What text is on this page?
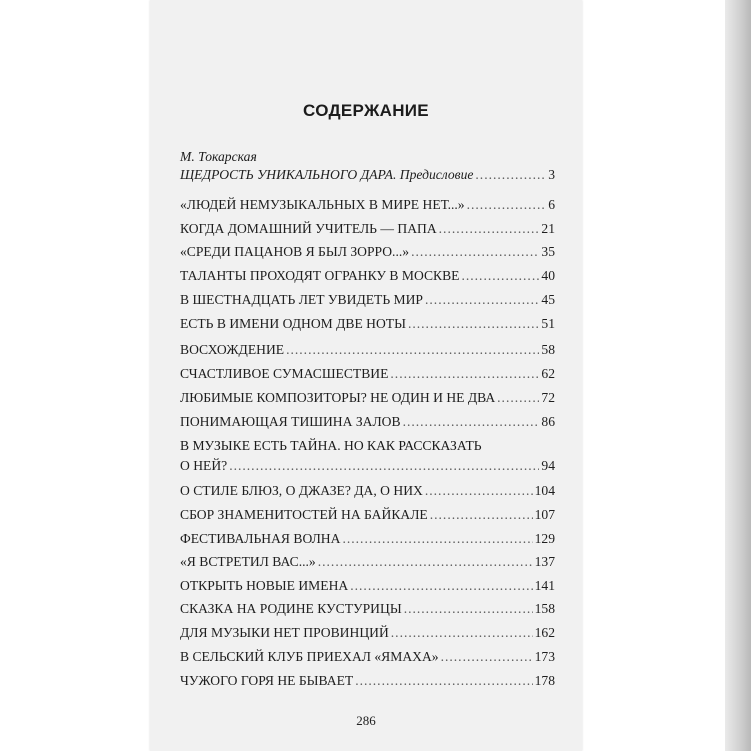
СОДЕРЖАНИЕ
М. Токарская
ЩЕДРОСТЬ УНИКАЛЬНОГО ДАРА. Предисловие .....	3
«ЛЮДЕЙ НЕМУЗЫКАЛЬНЫХ В МИРЕ НЕТ...» .....	6
КОГДА ДОМАШНИЙ УЧИТЕЛЬ — ПАПА .....	21
«СРЕДИ ПАЦАНОВ Я БЫЛ ЗОРРО...» .....	35
ТАЛАНТЫ ПРОХОДЯТ ОГРАНКУ В МОСКВЕ .....	40
В ШЕСТНАДЦАТЬ ЛЕТ УВИДЕТЬ МИР .....	45
ЕСТЬ В ИМЕНИ ОДНОМ ДВЕ НОТЫ .....	51
ВОСХОЖДЕНИЕ .....	58
СЧАСТЛИВОЕ СУМАСШЕСТВИЕ .....	62
ЛЮБИМЫЕ КОМПОЗИТОРЫ? НЕ ОДИН И НЕ ДВА .....	72
ПОНИМАЮЩАЯ ТИШИНА ЗАЛОВ .....	86
В МУЗЫКЕ ЕСТЬ ТАЙНА. НО КАК РАССКАЗАТЬ
О НЕЙ? .....	94
О СТИЛЕ БЛЮЗ, О ДЖАЗЕ? ДА, О НИХ .....	104
СБОР ЗНАМЕНИТОСТЕЙ НА БАЙКАЛЕ .....	107
ФЕСТИВАЛЬНАЯ ВОЛНА .....	129
«Я ВСТРЕТИЛ ВАС...» .....	137
ОТКРЫТЬ НОВЫЕ ИМЕНА .....	141
СКАЗКА НА РОДИНЕ КУСТУРИЦЫ .....	158
ДЛЯ МУЗЫКИ НЕТ ПРОВИНЦИЙ .....	162
В СЕЛЬСКИЙ КЛУБ ПРИЕХАЛ «ЯМАХА» .....	173
ЧУЖОГО ГОРЯ НЕ БЫВАЕТ .....	178
286
